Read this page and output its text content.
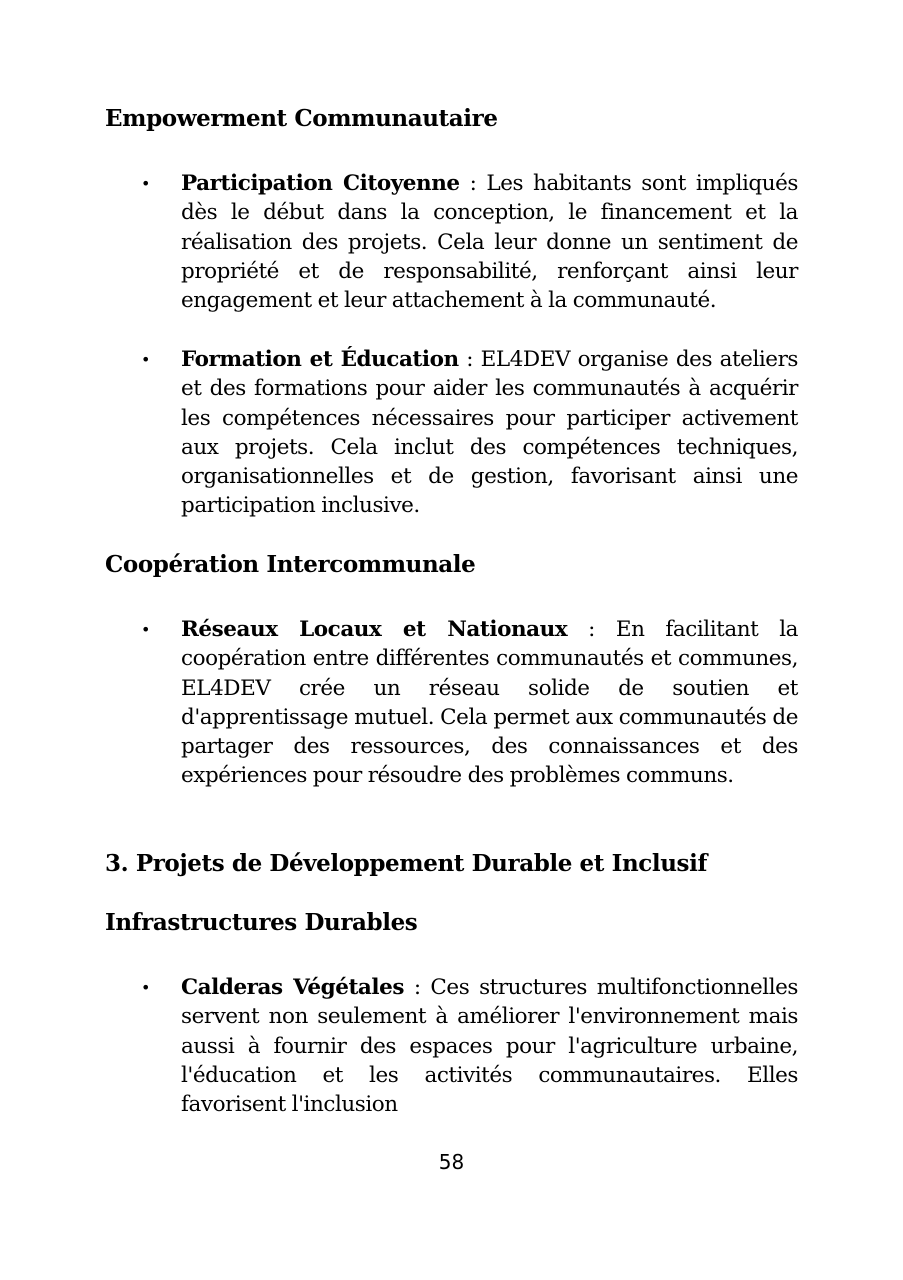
Empowerment Communautaire
• Participation Citoyenne : Les habitants sont impliqués dès le début dans la conception, le financement et la réalisation des projets. Cela leur donne un sentiment de propriété et de responsabilité, renforçant ainsi leur engagement et leur attachement à la communauté.

• Formation et Éducation : EL4DEV organise des ateliers et des formations pour aider les communautés à acquérir les compétences nécessaires pour participer activement aux projets. Cela inclut des compétences techniques, organisationnelles et de gestion, favorisant ainsi une participation inclusive.

Coopération Intercommunale
• Réseaux Locaux et Nationaux : En facilitant la coopération entre différentes communautés et communes, EL4DEV crée un réseau solide de soutien et d'apprentissage mutuel. Cela permet aux communautés de partager des ressources, des connaissances et des expériences pour résoudre des problèmes communs.

3. Projets de Développement Durable et Inclusif
Infrastructures Durables
• Calderas Végétales : Ces structures multifonctionnelles servent non seulement à améliorer l'environnement mais aussi à fournir des espaces pour l'agriculture urbaine, l'éducation et les activités communautaires. Elles favorisent l'inclusion

58
